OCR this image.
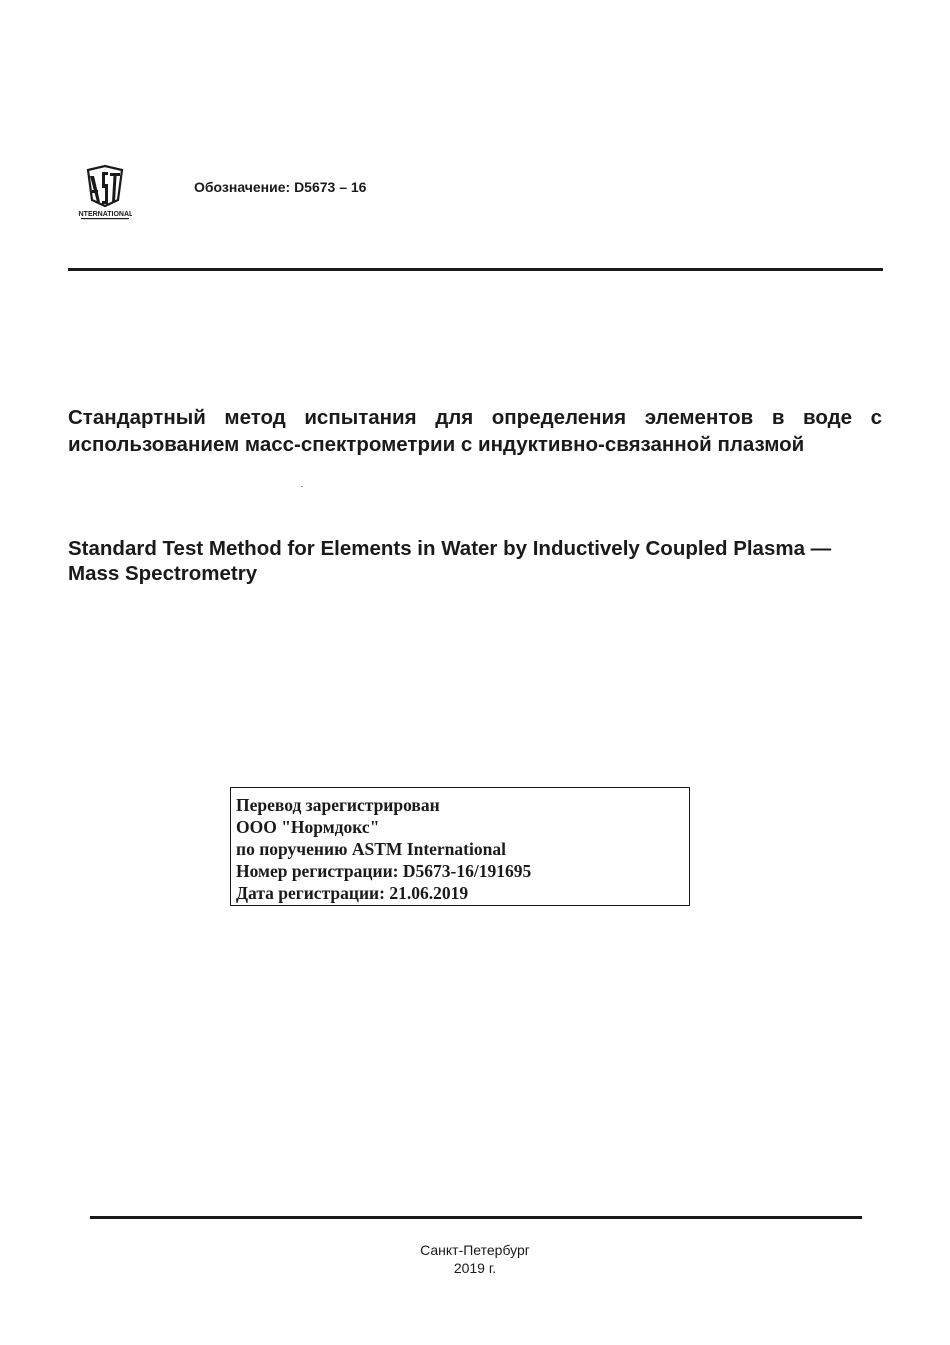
INTERNATIONAL
Обозначение: D5673 – 16
Стандартный метод испытания для определения элементов в воде с использованием масс-спектрометрии с индуктивно-связанной плазмой
Standard Test Method for Elements in Water by Inductively Coupled Plasma —Mass Spectrometry
Перевод зарегистрирован
ООО "Нормдокс"
по поручению ASTM International
Номер регистрации: D5673-16/191695
Дата регистрации: 21.06.2019
Санкт-Петербург
2019 г.
